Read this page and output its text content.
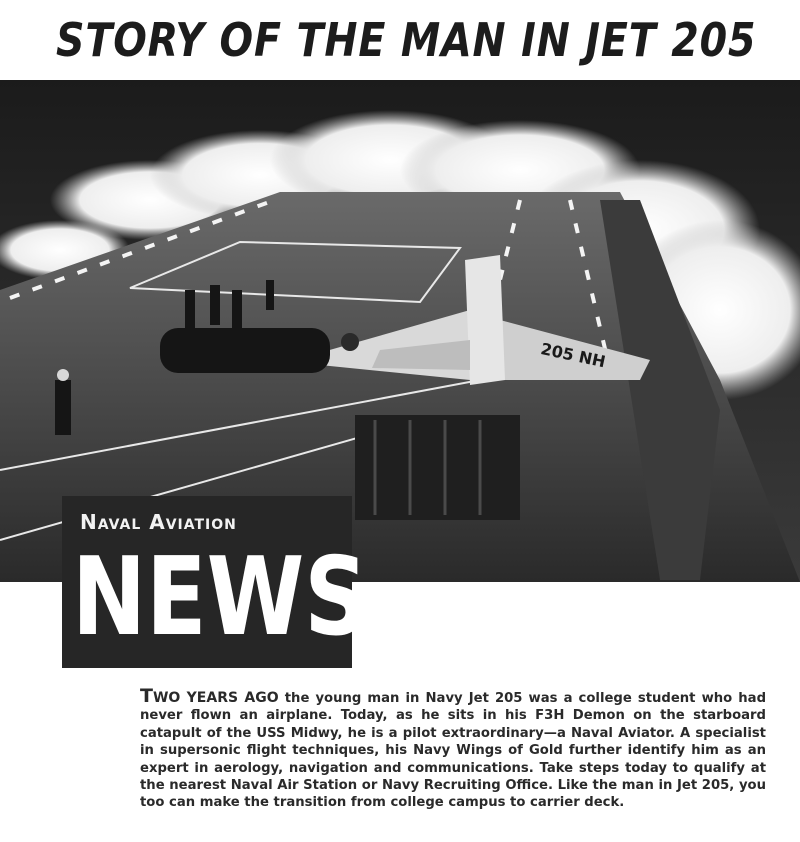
STORY OF THE MAN IN JET 205
205 NH
Naval Aviation
NEWS
TWO YEARS AGO the young man in Navy Jet 205 was a college student who had never flown an airplane. Today, as he sits in his F3H Demon on the starboard catapult of the USS Midwy, he is a pilot extraordinary—a Naval Aviator. A specialist in supersonic flight techniques, his Navy Wings of Gold further identify him as an expert in aerology, navigation and communications. Take steps today to qualify at the nearest Naval Air Station or Navy Recruiting Office. Like the man in Jet 205, you too can make the transition from college campus to carrier deck.
